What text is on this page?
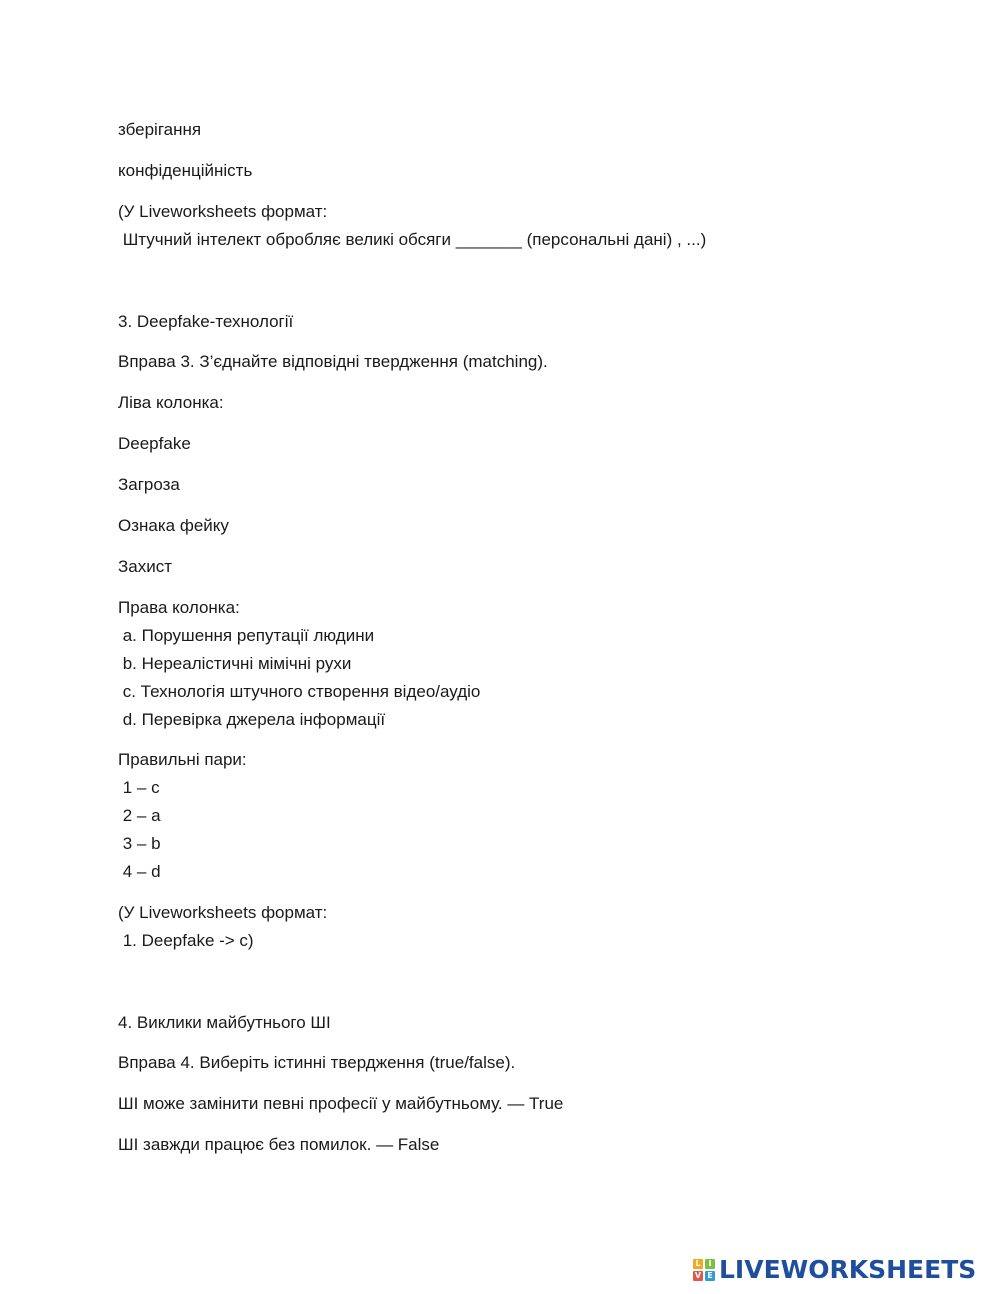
зберігання
конфіденційність
(У Liveworksheets формат:
Штучний інтелект обробляє великі обсяги _______ (персональні дані) , ...)
3. Deepfake-технології
Вправа 3. З’єднайте відповідні твердження (matching).
Ліва колонка:
Deepfake
Загроза
Ознака фейку
Захист
Права колонка:
a. Порушення репутації людини
b. Нереалістичні мімічні рухи
c. Технологія штучного створення відео/аудіо
d. Перевірка джерела інформації
Правильні пари:
1 – c
2 – a
3 – b
4 – d
(У Liveworksheets формат:
1. Deepfake -> c)
4. Виклики майбутнього ШІ
Вправа 4. Виберіть істинні твердження (true/false).
ШІ може замінити певні професії у майбутньому. — True
ШІ завжди працює без помилок. — False
L I
V E LIVEWORKSHEETS
